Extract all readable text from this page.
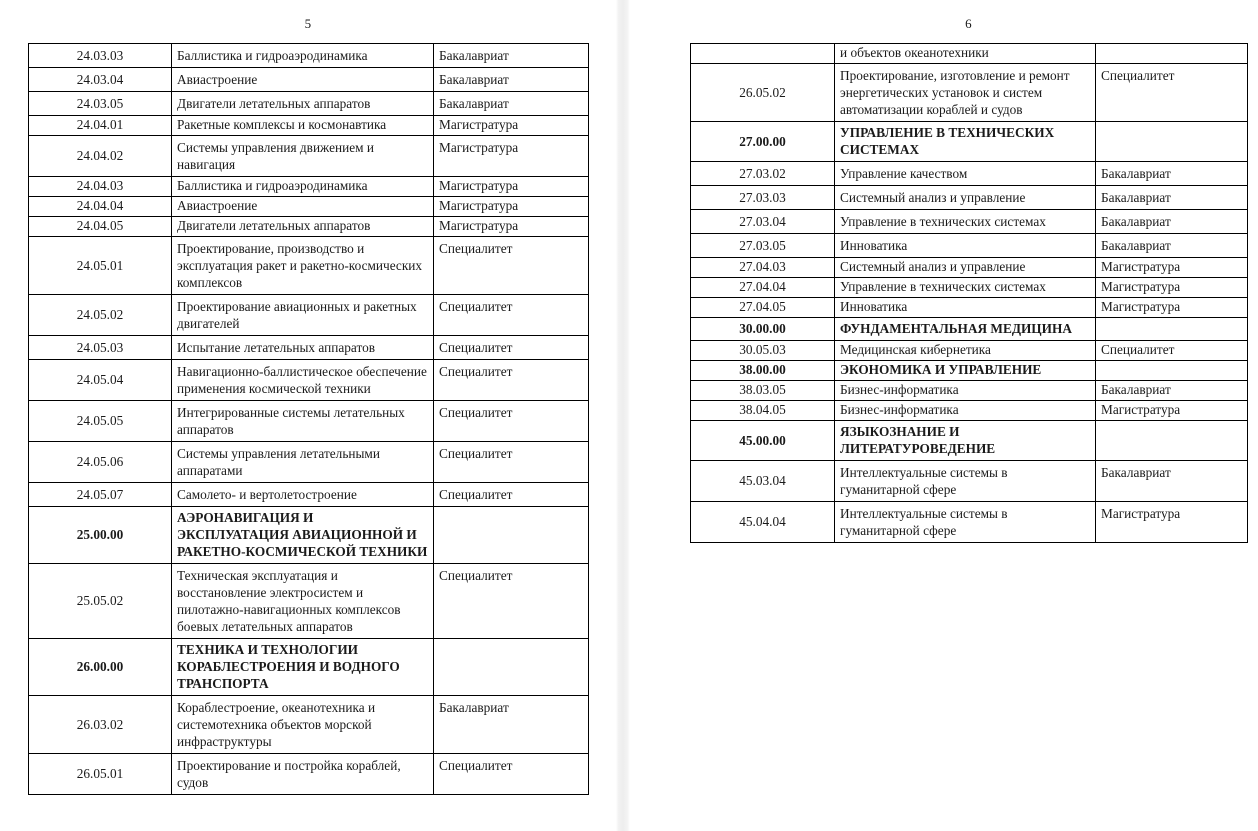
5
24.03.03	Баллистика и гидроаэродинамика	Бакалавриат
24.03.04	Авиастроение	Бакалавриат
24.03.05	Двигатели летательных аппаратов	Бакалавриат
24.04.01	Ракетные комплексы и космонавтика	Магистратура
24.04.02	Системы управления движением и навигация	Магистратура
24.04.03	Баллистика и гидроаэродинамика	Магистратура
24.04.04	Авиастроение	Магистратура
24.04.05	Двигатели летательных аппаратов	Магистратура
24.05.01	Проектирование, производство и эксплуатация ракет и ракетно-космических комплексов	Специалитет
24.05.02	Проектирование авиационных и ракетных двигателей	Специалитет
24.05.03	Испытание летательных аппаратов	Специалитет
24.05.04	Навигационно-баллистическое обеспечение применения космической техники	Специалитет
24.05.05	Интегрированные системы летательных аппаратов	Специалитет
24.05.06	Системы управления летательными аппаратами	Специалитет
24.05.07	Самолето- и вертолетостроение	Специалитет
25.00.00	АЭРОНАВИГАЦИЯ И ЭКСПЛУАТАЦИЯ АВИАЦИОННОЙ И РАКЕТНО-КОСМИЧЕСКОЙ ТЕХНИКИ	
25.05.02	Техническая эксплуатация и восстановление электросистем и пилотажно-навигационных комплексов боевых летательных аппаратов	Специалитет
26.00.00	ТЕХНИКА И ТЕХНОЛОГИИ КОРАБЛЕСТРОЕНИЯ И ВОДНОГО ТРАНСПОРТА	
26.03.02	Кораблестроение, океанотехника и системотехника объектов морской инфраструктуры	Бакалавриат
26.05.01	Проектирование и постройка кораблей, судов	Специалитет
6
	и объектов океанотехники	
26.05.02	Проектирование, изготовление и ремонт энергетических установок и систем автоматизации кораблей и судов	Специалитет
27.00.00	УПРАВЛЕНИЕ В ТЕХНИЧЕСКИХ СИСТЕМАХ	
27.03.02	Управление качеством	Бакалавриат
27.03.03	Системный анализ и управление	Бакалавриат
27.03.04	Управление в технических системах	Бакалавриат
27.03.05	Инноватика	Бакалавриат
27.04.03	Системный анализ и управление	Магистратура
27.04.04	Управление в технических системах	Магистратура
27.04.05	Инноватика	Магистратура
30.00.00	ФУНДАМЕНТАЛЬНАЯ МЕДИЦИНА	
30.05.03	Медицинская кибернетика	Специалитет
38.00.00	ЭКОНОМИКА И УПРАВЛЕНИЕ	
38.03.05	Бизнес-информатика	Бакалавриат
38.04.05	Бизнес-информатика	Магистратура
45.00.00	ЯЗЫКОЗНАНИЕ И ЛИТЕРАТУРОВЕДЕНИЕ	
45.03.04	Интеллектуальные системы в гуманитарной сфере	Бакалавриат
45.04.04	Интеллектуальные системы в гуманитарной сфере	Магистратура
